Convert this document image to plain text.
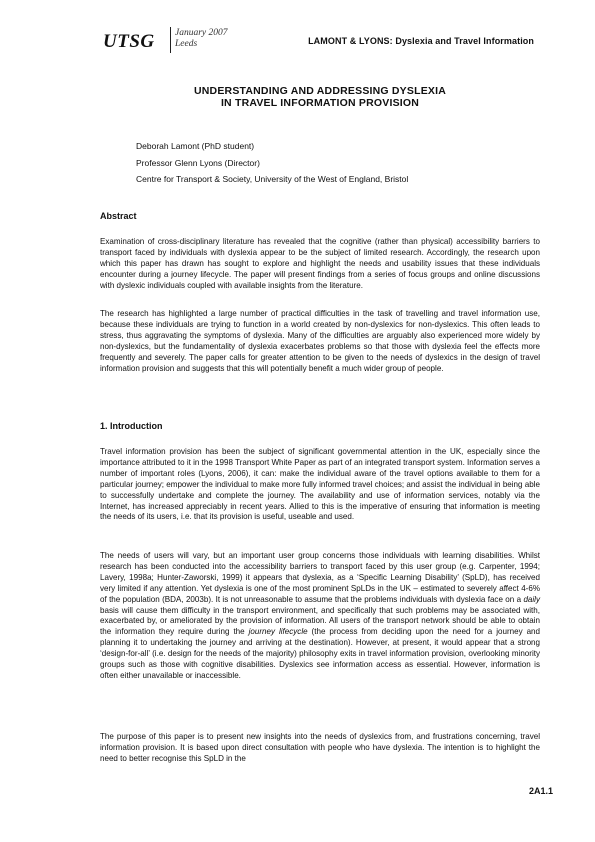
UTSG January 2007
Leeds	LAMONT & LYONS: Dyslexia and Travel Information
UNDERSTANDING AND ADDRESSING DYSLEXIA
IN TRAVEL INFORMATION PROVISION
Deborah Lamont (PhD student)
Professor Glenn Lyons (Director)
Centre for Transport & Society, University of the West of England, Bristol
Abstract
Examination of cross-disciplinary literature has revealed that the cognitive (rather than physical) accessibility barriers to transport faced by individuals with dyslexia appear to be the subject of limited research. Accordingly, the research upon which this paper has drawn has sought to explore and highlight the needs and usability issues that these individuals encounter during a journey lifecycle. The paper will present findings from a series of focus groups and online discussions with dyslexic individuals coupled with available insights from the literature.
The research has highlighted a large number of practical difficulties in the task of travelling and travel information use, because these individuals are trying to function in a world created by non-dyslexics for non-dyslexics. This often leads to stress, thus aggravating the symptoms of dyslexia. Many of the difficulties are arguably also experienced more widely by non-dyslexics, but the fundamentality of dyslexia exacerbates problems so that those with dyslexia feel the effects more frequently and severely. The paper calls for greater attention to be given to the needs of dyslexics in the design of travel information provision and suggests that this will potentially benefit a much wider group of people.
1. Introduction
Travel information provision has been the subject of significant governmental attention in the UK, especially since the importance attributed to it in the 1998 Transport White Paper as part of an integrated transport system. Information serves a number of important roles (Lyons, 2006), it can: make the individual aware of the travel options available to them for a particular journey; empower the individual to make more fully informed travel choices; and assist the individual in being able to successfully undertake and complete the journey. The availability and use of information services, notably via the Internet, has increased appreciably in recent years. Allied to this is the imperative of ensuring that information is meeting the needs of its users, i.e. that its provision is useful, useable and used.
The needs of users will vary, but an important user group concerns those individuals with learning disabilities. Whilst research has been conducted into the accessibility barriers to transport faced by this user group (e.g. Carpenter, 1994; Lavery, 1998a; Hunter-Zaworski, 1999) it appears that dyslexia, as a ‘Specific Learning Disability’ (SpLD), has received very limited if any attention. Yet dyslexia is one of the most prominent SpLDs in the UK – estimated to severely affect 4-6% of the population (BDA, 2003b). It is not unreasonable to assume that the problems individuals with dyslexia face on a daily basis will cause them difficulty in the transport environment, and specifically that such problems may be associated with, exacerbated by, or ameliorated by the provision of information. All users of the transport network should be able to obtain the information they require during the journey lifecycle (the process from deciding upon the need for a journey and planning it to undertaking the journey and arriving at the destination). However, at present, it would appear that a strong ‘design-for-all’ (i.e. design for the needs of the majority) philosophy exits in travel information provision, overlooking minority groups such as those with cognitive disabilities. Dyslexics see information access as essential. However, information is often either unavailable or inaccessible.
The purpose of this paper is to present new insights into the needs of dyslexics from, and frustrations concerning, travel information provision. It is based upon direct consultation with people who have dyslexia. The intention is to highlight the need to better recognise this SpLD in the
2A1.1
